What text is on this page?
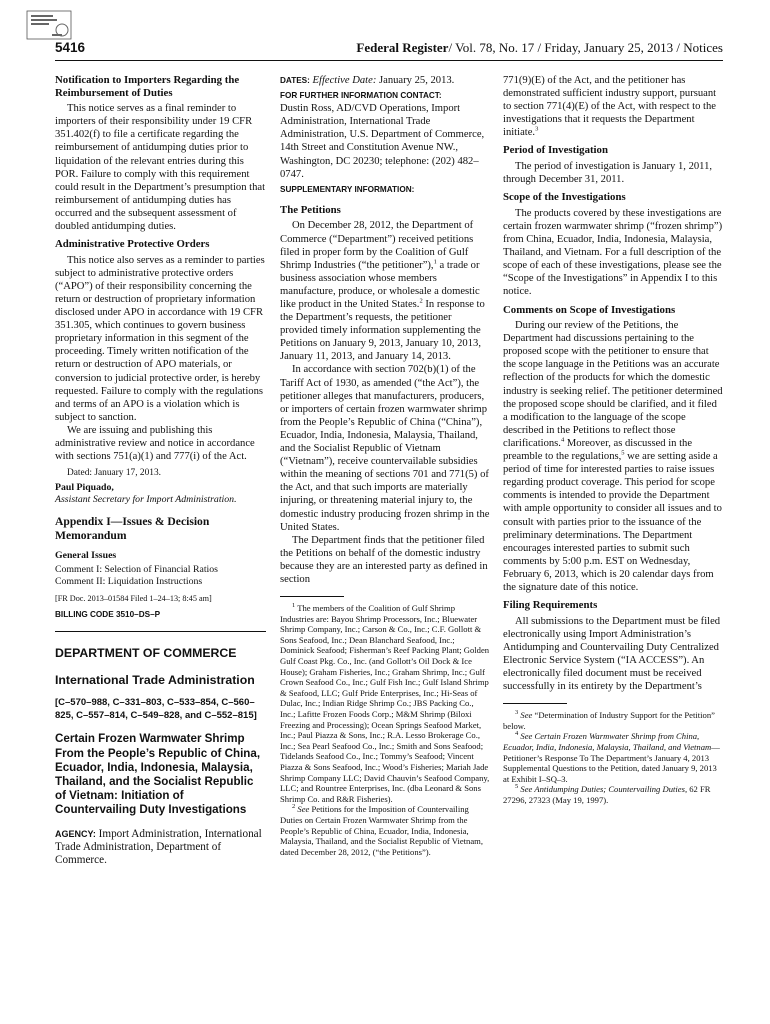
5416	Federal Register/ Vol. 78, No. 17 / Friday, January 25, 2013 / Notices

Notification to Importers Regarding the Reimbursement of Duties

This notice serves as a final reminder to importers of their responsibility under 19 CFR 351.402(f) to file a certificate regarding the reimbursement of antidumping duties prior to liquidation of the relevant entries during this POR. Failure to comply with this requirement could result in the Department’s presumption that reimbursement of antidumping duties has occurred and the subsequent assessment of doubled antidumping duties.

Administrative Protective Orders

This notice also serves as a reminder to parties subject to administrative protective orders (“APO”) of their responsibility concerning the return or destruction of proprietary information disclosed under APO in accordance with 19 CFR 351.305, which continues to govern business proprietary information in this segment of the proceeding. Timely written notification of the return or destruction of APO materials, or conversion to judicial protective order, is hereby requested. Failure to comply with the regulations and terms of an APO is a violation which is subject to sanction.

We are issuing and publishing this administrative review and notice in accordance with sections 751(a)(1) and 777(i) of the Act.

Dated: January 17, 2013.

Paul Piquado,

Assistant Secretary for Import Administration.

Appendix I—Issues & Decision Memorandum

General Issues

Comment I: Selection of Financial Ratios

Comment II: Liquidation Instructions

[FR Doc. 2013–01584 Filed 1–24–13; 8:45 am]

BILLING CODE 3510–DS–P

DEPARTMENT OF COMMERCE

International Trade Administration

[C–570–988, C–331–803, C–533–854, C–560–825, C–557–814, C–549–828, and C–552–815]

Certain Frozen Warmwater Shrimp From the People’s Republic of China, Ecuador, India, Indonesia, Malaysia, Thailand, and the Socialist Republic of Vietnam: Initiation of Countervailing Duty Investigations

AGENCY: Import Administration, International Trade Administration, Department of Commerce.

DATES: Effective Date: January 25, 2013.

FOR FURTHER INFORMATION CONTACT:

Dustin Ross, AD/CVD Operations, Import Administration, International Trade Administration, U.S. Department of Commerce, 14th Street and Constitution Avenue NW., Washington, DC 20230; telephone: (202) 482–0747.

SUPPLEMENTARY INFORMATION:

The Petitions

On December 28, 2012, the Department of Commerce (“Department”) received petitions filed in proper form by the Coalition of Gulf Shrimp Industries (“the petitioner”),$^1$ a trade or business association whose members manufacture, produce, or wholesale a domestic like product in the United States.$^2$ In response to the Department’s requests, the petitioner provided timely information supplementing the Petitions on January 9, 2013, January 10, 2013, January 11, 2013, and January 14, 2013.

In accordance with section 702(b)(1) of the Tariff Act of 1930, as amended (“the Act”), the petitioner alleges that manufacturers, producers, or importers of certain frozen warmwater shrimp from the People’s Republic of China (“China”), Ecuador, India, Indonesia, Malaysia, Thailand, and the Socialist Republic of Vietnam (“Vietnam”), receive countervailable subsidies within the meaning of sections 701 and 771(5) of the Act, and that such imports are materially injuring, or threatening material injury to, the domestic industry producing frozen shrimp in the United States.

The Department finds that the petitioner filed the Petitions on behalf of the domestic industry because they are an interested party as defined in section

$^1$ The members of the Coalition of Gulf Shrimp Industries are: Bayou Shrimp Processors, Inc.; Bluewater Shrimp Company, Inc.; Carson & Co., Inc.; C.F. Gollott & Sons Seafood, Inc.; Dean Blanchard Seafood, Inc.; Dominick Seafood; Fisherman’s Reef Packing Plant; Golden Gulf Coast Pkg. Co., Inc. (and Gollott’s Oil Dock & Ice House); Graham Fisheries, Inc.; Graham Shrimp, Inc.; Gulf Crown Seafood Co., Inc.; Gulf Fish Inc.; Gulf Island Shrimp & Seafood, LLC; Gulf Pride Enterprises, Inc.; Hi-Seas of Dulac, Inc.; Indian Ridge Shrimp Co.; JBS Packing Co., Inc.; Lafitte Frozen Foods Corp.; M&M Shrimp (Biloxi Freezing and Processing); Ocean Springs Seafood Market, Inc.; Paul Piazza & Sons, Inc.; R.A. Lesso Brokerage Co., Inc.; Sea Pearl Seafood Co., Inc.; Smith and Sons Seafood; Tidelands Seafood Co., Inc.; Tommy’s Seafood; Vincent Piazza & Sons Seafood, Inc.; Wood’s Fisheries; Mariah Jade Shrimp Company LLC; David Chauvin’s Seafood Company, LLC; and Rountree Enterprises, Inc. (dba Leonard & Sons Shrimp Co. and R&R Fisheries).

$^2$ See Petitions for the Imposition of Countervailing Duties on Certain Frozen Warmwater Shrimp from the People’s Republic of China, Ecuador, India, Indonesia, Malaysia, Thailand, and the Socialist Republic of Vietnam, dated December 28, 2012, (“the Petitions”).

771(9)(E) of the Act, and the petitioner has demonstrated sufficient industry support, pursuant to section 771(4)(E) of the Act, with respect to the investigations that it requests the Department initiate.$^3$

Period of Investigation

The period of investigation is January 1, 2011, through December 31, 2011.

Scope of the Investigations

The products covered by these investigations are certain frozen warmwater shrimp (“frozen shrimp”) from China, Ecuador, India, Indonesia, Malaysia, Thailand, and Vietnam. For a full description of the scope of each of these investigations, please see the “Scope of the Investigations” in Appendix I to this notice.

Comments on Scope of Investigations

During our review of the Petitions, the Department had discussions pertaining to the proposed scope with the petitioner to ensure that the scope language in the Petitions was an accurate reflection of the products for which the domestic industry is seeking relief. The petitioner determined the proposed scope should be clarified, and it filed a modification to the language of the scope described in the Petitions to reflect those clarifications.$^4$ Moreover, as discussed in the preamble to the regulations,$^5$ we are setting aside a period of time for interested parties to raise issues regarding product coverage. This period for scope comments is intended to provide the Department with ample opportunity to consider all issues and to consult with parties prior to the issuance of the preliminary determinations. The Department encourages interested parties to submit such comments by 5:00 p.m. EST on Wednesday, February 6, 2013, which is 20 calendar days from the signature date of this notice.

Filing Requirements

All submissions to the Department must be filed electronically using Import Administration’s Antidumping and Countervailing Duty Centralized Electronic Service System (“IA ACCESS”). An electronically filed document must be received successfully in its entirety by the Department’s

$^3$ See “Determination of Industry Support for the Petition” below.

$^4$ See Certain Frozen Warmwater Shrimp from China, Ecuador, India, Indonesia, Malaysia, Thailand, and Vietnam—Petitioner’s Response To The Department’s January 4, 2013 Supplemental Questions to the Petition, dated January 9, 2013 at Exhibit I–SQ–3.

$^5$ See Antidumping Duties; Countervailing Duties, 62 FR 27296, 27323 (May 19, 1997).
